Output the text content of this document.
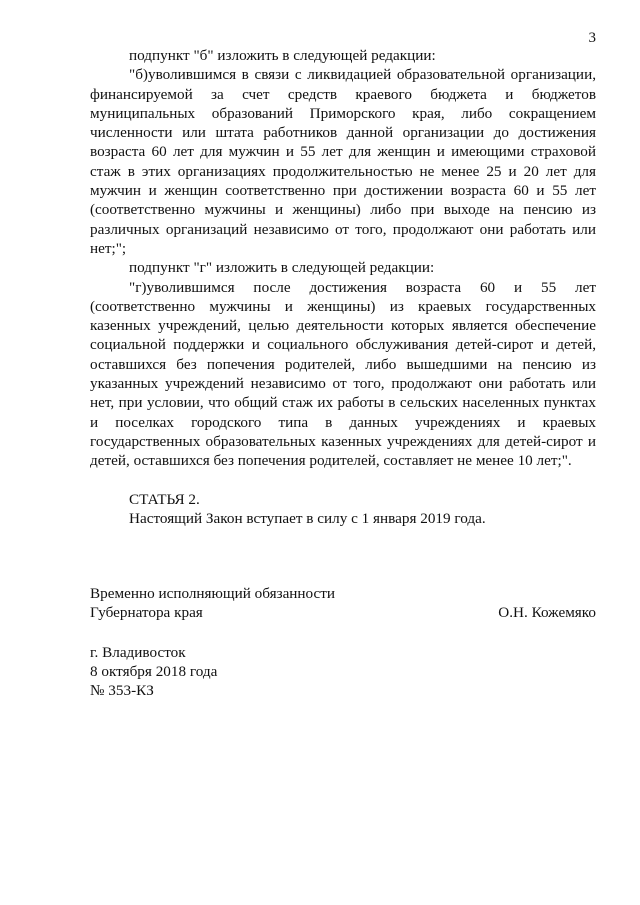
3
подпункт "б" изложить в следующей редакции:
"б)уволившимся в связи с ликвидацией образовательной организации,
финансируемой за счет средств краевого бюджета и бюджетов
муниципальных образований Приморского края, либо сокращением
численности или штата работников данной организации до достижения
возраста 60 лет для мужчин и 55 лет для женщин и имеющими страховой
стаж в этих организациях продолжительностью не менее 25 и 20 лет для
мужчин и женщин соответственно при достижении возраста 60 и 55 лет
(соответственно мужчины и женщины) либо при выходе на пенсию из
различных организаций независимо от того, продолжают они работать или
нет;";
подпункт "г" изложить в следующей редакции:
"г)уволившимся после достижения возраста 60 и 55 лет
(соответственно мужчины и женщины) из краевых государственных
казенных учреждений, целью деятельности которых является обеспечение
социальной поддержки и социального обслуживания детей-сирот и детей,
оставшихся без попечения родителей, либо вышедшими на пенсию из
указанных учреждений независимо от того, продолжают они работать или
нет, при условии, что общий стаж их работы в сельских населенных пунктах
и поселках городского типа в данных учреждениях и краевых
государственных образовательных казенных учреждениях для детей-сирот и
детей, оставшихся без попечения родителей, составляет не менее 10 лет;".
СТАТЬЯ 2.
Настоящий Закон вступает в силу с 1 января 2019 года.
Временно исполняющий обязанности
Губернатора края	О.Н. Кожемяко
г. Владивосток
8 октября 2018 года
№ 353-КЗ
